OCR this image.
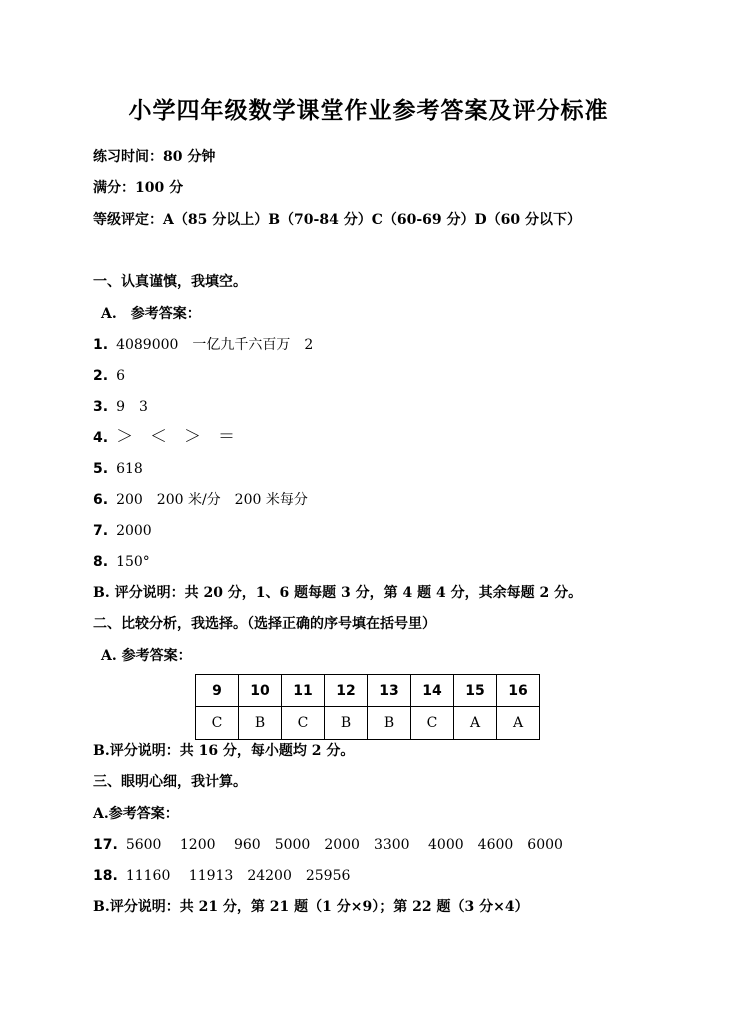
小学四年级数学课堂作业参考答案及评分标准
练习时间：80 分钟
满分：100 分
等级评定：A（85 分以上）B（70-84 分）C（60-69 分）D（60 分以下）
一、认真谨慎，我填空。
A.　参考答案：
1. 4089000　一亿九千六百万　2
2. 6
3. 9　3
4. ＞　＜　＞　＝
5. 618
6. 200　200 米/分　200 米每分
7. 2000
8. 150°
B. 评分说明：共 20 分，1、6 题每题 3 分，第 4 题 4 分，其余每题 2 分。
二、比较分析，我选择。（选择正确的序号填在括号里）
A. 参考答案：
9	10	11	12	13	14	15	16
C	B	C	B	B	C	A	A
B.评分说明：共 16 分，每小题均 2 分。
三、眼明心细，我计算。
A.参考答案：
17. 5600　 1200　 960　5000　2000　3300　 4000　4600　6000
18. 11160　 11913　24200　25956
B.评分说明：共 21 分，第 21 题（1 分×9）；第 22 题（3 分×4）
